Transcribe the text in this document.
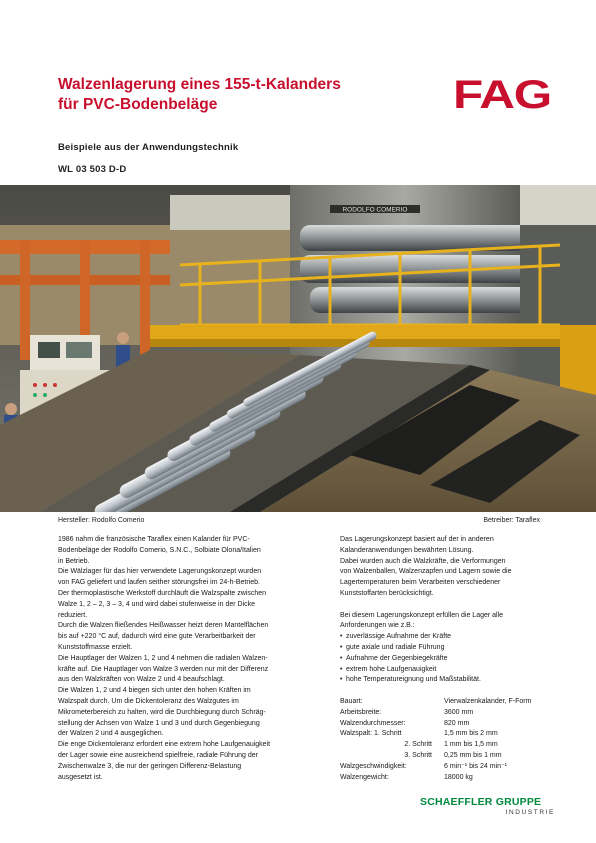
Walzenlagerung eines 155-t-Kalanders
für PVC-Bodenbeläge	FAG
Beispiele aus der Anwendungstechnik
WL 03 503 D-D
RODOLFO COMERIO
Hersteller: Rodolfo Comerio	Betreiber: Taraflex

1986 nahm die französische Taraflex einen Kalander für PVC-
Bodenbeläge der Rodolfo Comerio, S.N.C., Solbiate Olona/Italien
in Betrieb.

Die Wälzlager für das hier verwendete Lagerungskonzept wurden
von FAG geliefert und laufen seither störungsfrei im 24-h-Betrieb.

Der thermoplastische Werkstoff durchläuft die Walzspalte zwischen
Walze 1, 2 – 2, 3 – 3, 4 und wird dabei stufenweise in der Dicke
reduziert.

Durch die Walzen fließendes Heißwasser heizt deren Mantelflächen
bis auf +220 °C auf, dadurch wird eine gute Verarbeitbarkeit der
Kunststoffmasse erzielt.

Die Hauptlager der Walzen 1, 2 und 4 nehmen die radialen Walzen-
kräfte auf. Die Hauptlager von Walze 3 werden nur mit der Differenz
aus den Walzkräften von Walze 2 und 4 beaufschlagt.

Die Walzen 1, 2 und 4 biegen sich unter den hohen Kräften im
Walzspalt durch. Um die Dickentoleranz des Walzgutes im
Mikrometerbereich zu halten, wird die Durchbiegung durch Schräg-
stellung der Achsen von Walze 1 und 3 und durch Gegenbiegung
der Walzen 2 und 4 ausgeglichen.

Die enge Dickentoleranz erfordert eine extrem hohe Laufgenauigkeit
der Lager sowie eine ausreichend spielfreie, radiale Führung der
Zwischenwalze 3, die nur der geringen Differenz-Belastung
ausgesetzt ist.

Das Lagerungskonzept basiert auf der in anderen
Kalanderanwendungen bewährten Lösung.

Dabei wurden auch die Walzkräfte, die Verformungen
von Walzenballen, Walzenzapfen und Lagern sowie die
Lagertemperaturen beim Verarbeiten verschiedener
Kunststoffarten berücksichtigt.

Bei diesem Lagerungskonzept erfüllen die Lager alle
Anforderungen wie z.B.:

• zuverlässige Aufnahme der Kräfte
• gute axiale und radiale Führung
• Aufnahme der Gegenbiegekräfte
• extrem hohe Laufgenauigkeit
• hohe Temperatureignung und Maßstabilität.
Bauart:	Vierwalzenkalander, F-Form
Arbeitsbreite:	3600 mm
Walzendurchmesser:	820 mm
Walzspalt: 1. Schritt	1,5 mm bis 2 mm
2. Schritt	1 mm bis 1,5 mm
3. Schritt	0,25 mm bis 1 mm
Walzgeschwindigkeit:	6 min⁻¹ bis 24 min⁻¹
Walzengewicht:	18000 kg
SCHAEFFLER GRUPPE
INDUSTRIE
